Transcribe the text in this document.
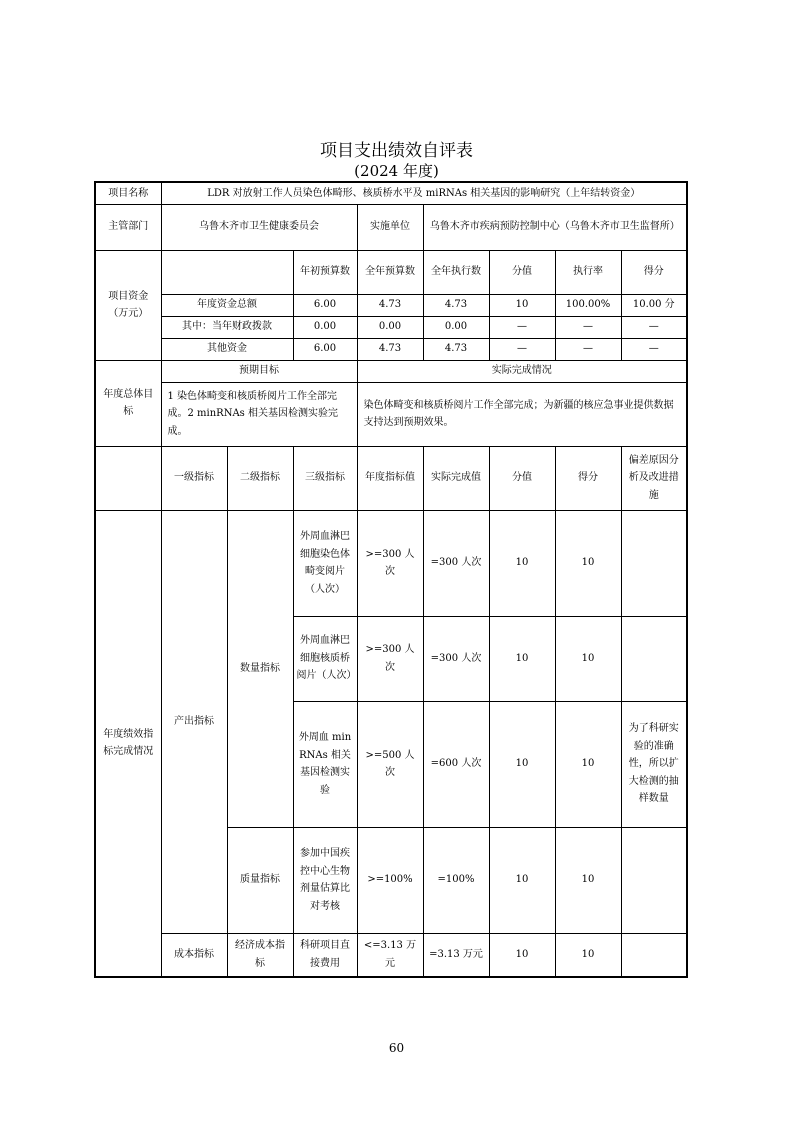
项目支出绩效自评表
(2024 年度)
项目名称	LDR 对放射工作人员染色体畸形、核质桥水平及 miRNAs 相关基因的影响研究（上年结转资金）							
主管部门	乌鲁木齐市卫生健康委员会			实施单位	乌鲁木齐市疾病预防控制中心（乌鲁木齐市卫生监督所）			
项目资金（万元）			年初预算数	全年预算数	全年执行数	分值	执行率	得分
	年度资金总额		6.00	4.73	4.73	10	100.00%	10.00 分
	其中：当年财政拨款		0.00	0.00	0.00	—	—	—
	其他资金		6.00	4.73	4.73	—	—	—
年度总体目标	预期目标			实际完成情况				
	1 染色体畸变和核质桥阅片工作全部完成。2 minRNAs 相关基因检测实验完成。			染色体畸变和核质桥阅片工作全部完成；为新疆的核应急事业提供数据支持达到预期效果。				
	一级指标	二级指标	三级指标	年度指标值	实际完成值	分值	得分	偏差原因分析及改进措施
年度绩效指标完成情况	产出指标	数量指标	外周血淋巴细胞染色体畸变阅片（人次）	>=300 人次	=300 人次	10	10	
			外周血淋巴细胞核质桥阅片（人次）	>=300 人次	=300 人次	10	10	
			外周血 minRNAs 相关基因检测实验	>=500 人次	=600 人次	10	10	为了科研实验的准确性，所以扩大检测的抽样数量
		质量指标	参加中国疾控中心生物剂量估算比对考核	>=100%	=100%	10	10	
	成本指标	经济成本指标	科研项目直接费用	<=3.13 万元	=3.13 万元	10	10	
60
